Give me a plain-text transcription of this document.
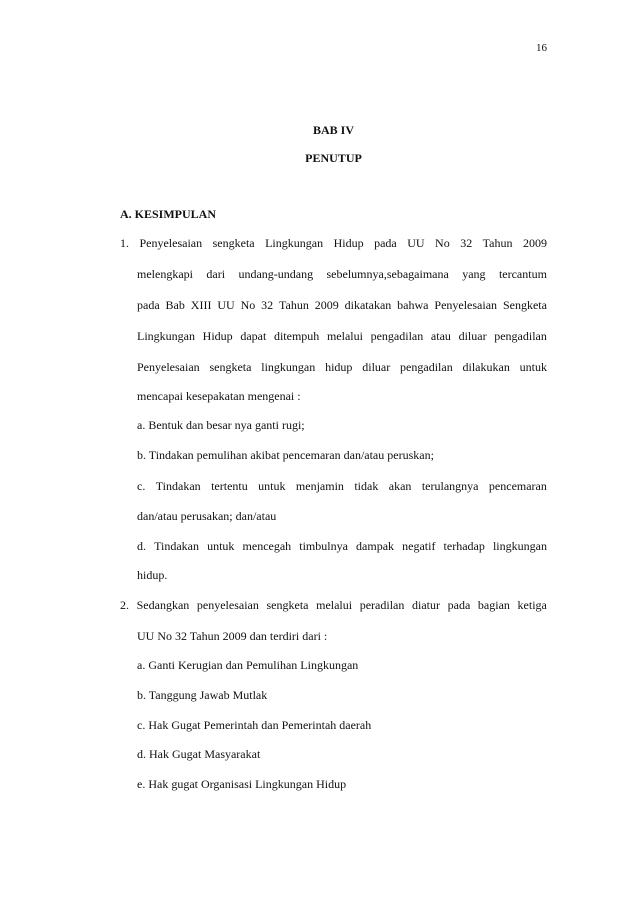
16
BAB IV
PENUTUP
A. KESIMPULAN
1. Penyelesaian sengketa Lingkungan Hidup pada UU No 32 Tahun 2009
melengkapi dari undang-undang sebelumnya,sebagaimana yang tercantum
pada Bab XIII UU No 32 Tahun 2009 dikatakan bahwa Penyelesaian Sengketa
Lingkungan Hidup dapat ditempuh melalui pengadilan atau diluar pengadilan
Penyelesaian sengketa lingkungan hidup diluar pengadilan dilakukan untuk
mencapai kesepakatan mengenai :
a. Bentuk dan besar nya ganti rugi;
b. Tindakan pemulihan akibat pencemaran dan/atau peruskan;
c. Tindakan tertentu untuk menjamin tidak akan terulangnya pencemaran
dan/atau perusakan; dan/atau
d. Tindakan untuk mencegah timbulnya dampak negatif terhadap lingkungan
hidup.
2. Sedangkan penyelesaian sengketa melalui peradilan diatur pada bagian ketiga
UU No 32 Tahun 2009 dan terdiri dari :
a. Ganti Kerugian dan Pemulihan Lingkungan
b. Tanggung Jawab Mutlak
c. Hak Gugat Pemerintah dan Pemerintah daerah
d. Hak Gugat Masyarakat
e. Hak gugat Organisasi Lingkungan Hidup
